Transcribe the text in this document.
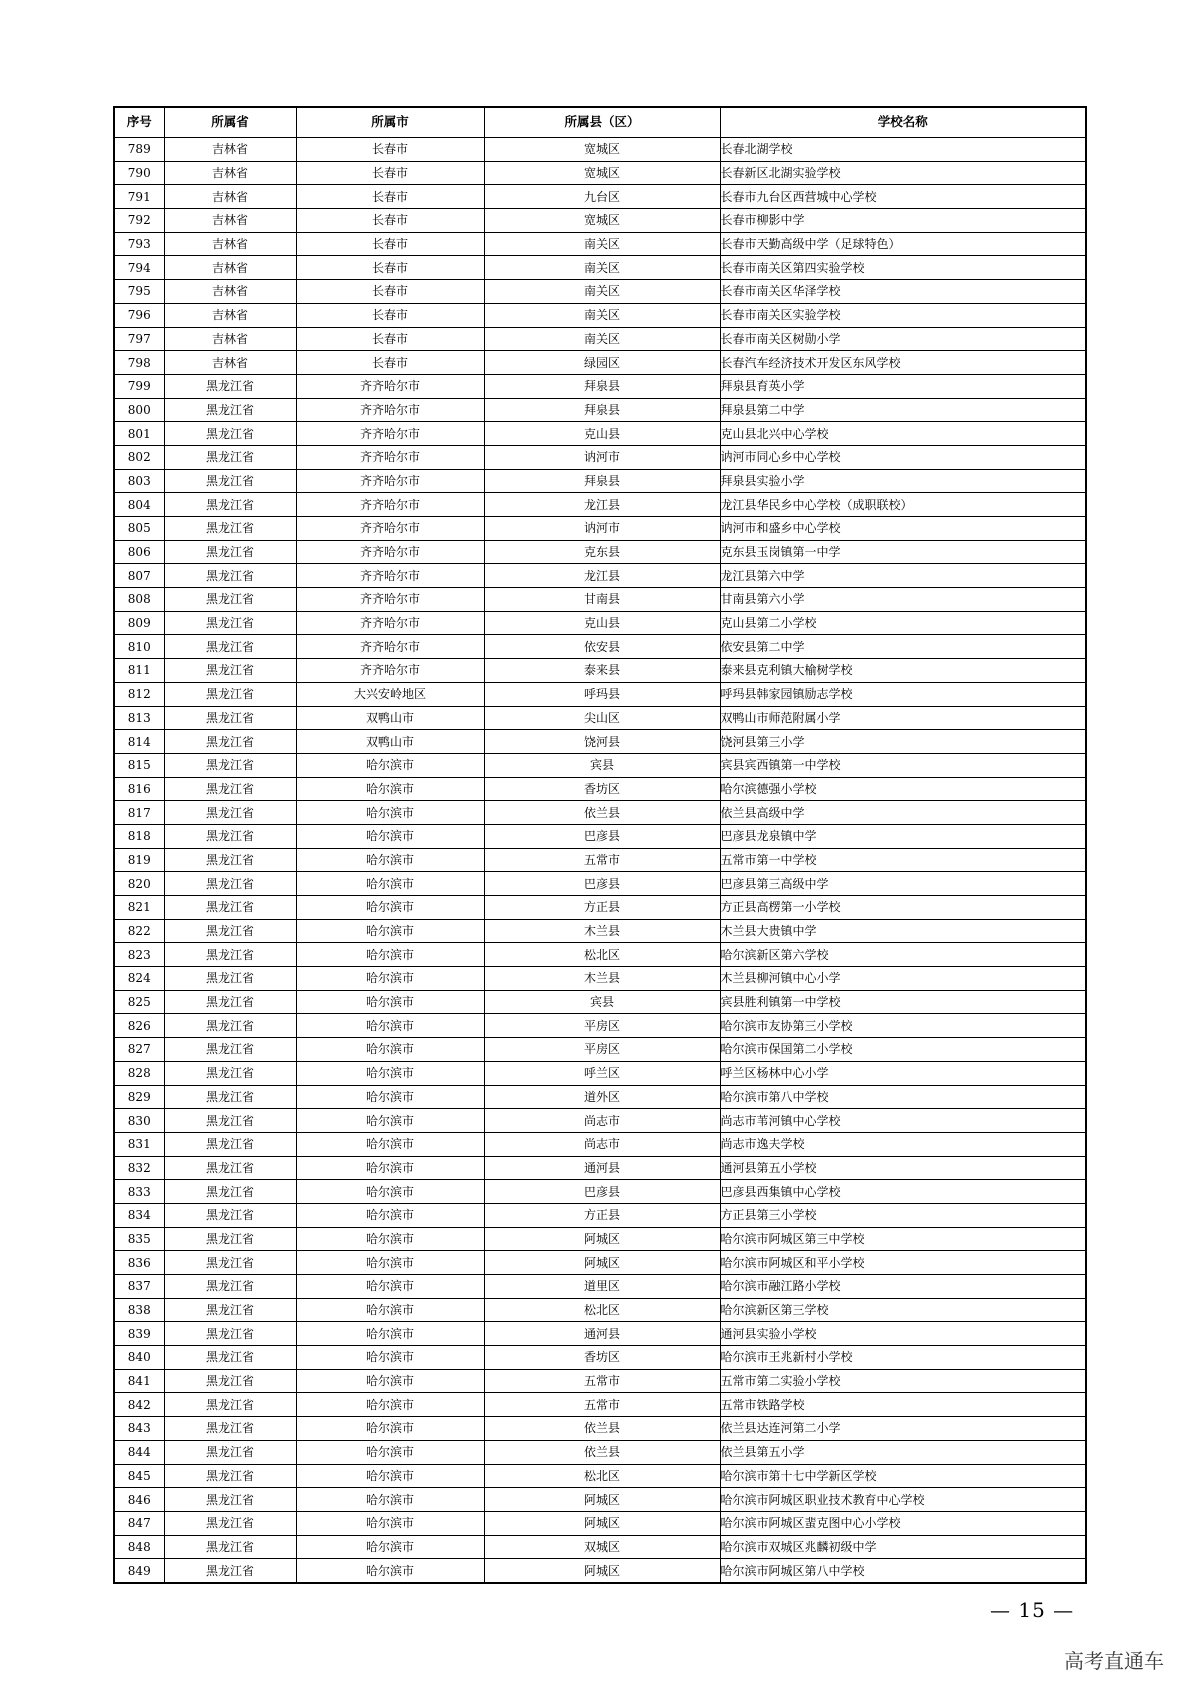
序号	所属省	所属市	所属县（区）	学校名称
789	吉林省	长春市	宽城区	长春北湖学校
790	吉林省	长春市	宽城区	长春新区北湖实验学校
791	吉林省	长春市	九台区	长春市九台区西营城中心学校
792	吉林省	长春市	宽城区	长春市柳影中学
793	吉林省	长春市	南关区	长春市天勤高级中学（足球特色）
794	吉林省	长春市	南关区	长春市南关区第四实验学校
795	吉林省	长春市	南关区	长春市南关区华泽学校
796	吉林省	长春市	南关区	长春市南关区实验学校
797	吉林省	长春市	南关区	长春市南关区树勋小学
798	吉林省	长春市	绿园区	长春汽车经济技术开发区东风学校
799	黑龙江省	齐齐哈尔市	拜泉县	拜泉县育英小学
800	黑龙江省	齐齐哈尔市	拜泉县	拜泉县第二中学
801	黑龙江省	齐齐哈尔市	克山县	克山县北兴中心学校
802	黑龙江省	齐齐哈尔市	讷河市	讷河市同心乡中心学校
803	黑龙江省	齐齐哈尔市	拜泉县	拜泉县实验小学
804	黑龙江省	齐齐哈尔市	龙江县	龙江县华民乡中心学校（成职联校）
805	黑龙江省	齐齐哈尔市	讷河市	讷河市和盛乡中心学校
806	黑龙江省	齐齐哈尔市	克东县	克东县玉岗镇第一中学
807	黑龙江省	齐齐哈尔市	龙江县	龙江县第六中学
808	黑龙江省	齐齐哈尔市	甘南县	甘南县第六小学
809	黑龙江省	齐齐哈尔市	克山县	克山县第二小学校
810	黑龙江省	齐齐哈尔市	依安县	依安县第二中学
811	黑龙江省	齐齐哈尔市	泰来县	泰来县克利镇大榆树学校
812	黑龙江省	大兴安岭地区	呼玛县	呼玛县韩家园镇励志学校
813	黑龙江省	双鸭山市	尖山区	双鸭山市师范附属小学
814	黑龙江省	双鸭山市	饶河县	饶河县第三小学
815	黑龙江省	哈尔滨市	宾县	宾县宾西镇第一中学校
816	黑龙江省	哈尔滨市	香坊区	哈尔滨德强小学校
817	黑龙江省	哈尔滨市	依兰县	依兰县高级中学
818	黑龙江省	哈尔滨市	巴彦县	巴彦县龙泉镇中学
819	黑龙江省	哈尔滨市	五常市	五常市第一中学校
820	黑龙江省	哈尔滨市	巴彦县	巴彦县第三高级中学
821	黑龙江省	哈尔滨市	方正县	方正县高楞第一小学校
822	黑龙江省	哈尔滨市	木兰县	木兰县大贵镇中学
823	黑龙江省	哈尔滨市	松北区	哈尔滨新区第六学校
824	黑龙江省	哈尔滨市	木兰县	木兰县柳河镇中心小学
825	黑龙江省	哈尔滨市	宾县	宾县胜利镇第一中学校
826	黑龙江省	哈尔滨市	平房区	哈尔滨市友协第三小学校
827	黑龙江省	哈尔滨市	平房区	哈尔滨市保国第二小学校
828	黑龙江省	哈尔滨市	呼兰区	呼兰区杨林中心小学
829	黑龙江省	哈尔滨市	道外区	哈尔滨市第八中学校
830	黑龙江省	哈尔滨市	尚志市	尚志市苇河镇中心学校
831	黑龙江省	哈尔滨市	尚志市	尚志市逸夫学校
832	黑龙江省	哈尔滨市	通河县	通河县第五小学校
833	黑龙江省	哈尔滨市	巴彦县	巴彦县西集镇中心学校
834	黑龙江省	哈尔滨市	方正县	方正县第三小学校
835	黑龙江省	哈尔滨市	阿城区	哈尔滨市阿城区第三中学校
836	黑龙江省	哈尔滨市	阿城区	哈尔滨市阿城区和平小学校
837	黑龙江省	哈尔滨市	道里区	哈尔滨市融江路小学校
838	黑龙江省	哈尔滨市	松北区	哈尔滨新区第三学校
839	黑龙江省	哈尔滨市	通河县	通河县实验小学校
840	黑龙江省	哈尔滨市	香坊区	哈尔滨市王兆新村小学校
841	黑龙江省	哈尔滨市	五常市	五常市第二实验小学校
842	黑龙江省	哈尔滨市	五常市	五常市铁路学校
843	黑龙江省	哈尔滨市	依兰县	依兰县达连河第二小学
844	黑龙江省	哈尔滨市	依兰县	依兰县第五小学
845	黑龙江省	哈尔滨市	松北区	哈尔滨市第十七中学新区学校
846	黑龙江省	哈尔滨市	阿城区	哈尔滨市阿城区职业技术教育中心学校
847	黑龙江省	哈尔滨市	阿城区	哈尔滨市阿城区蜚克图中心小学校
848	黑龙江省	哈尔滨市	双城区	哈尔滨市双城区兆麟初级中学
849	黑龙江省	哈尔滨市	阿城区	哈尔滨市阿城区第八中学校
— 15 —
高考直通车
